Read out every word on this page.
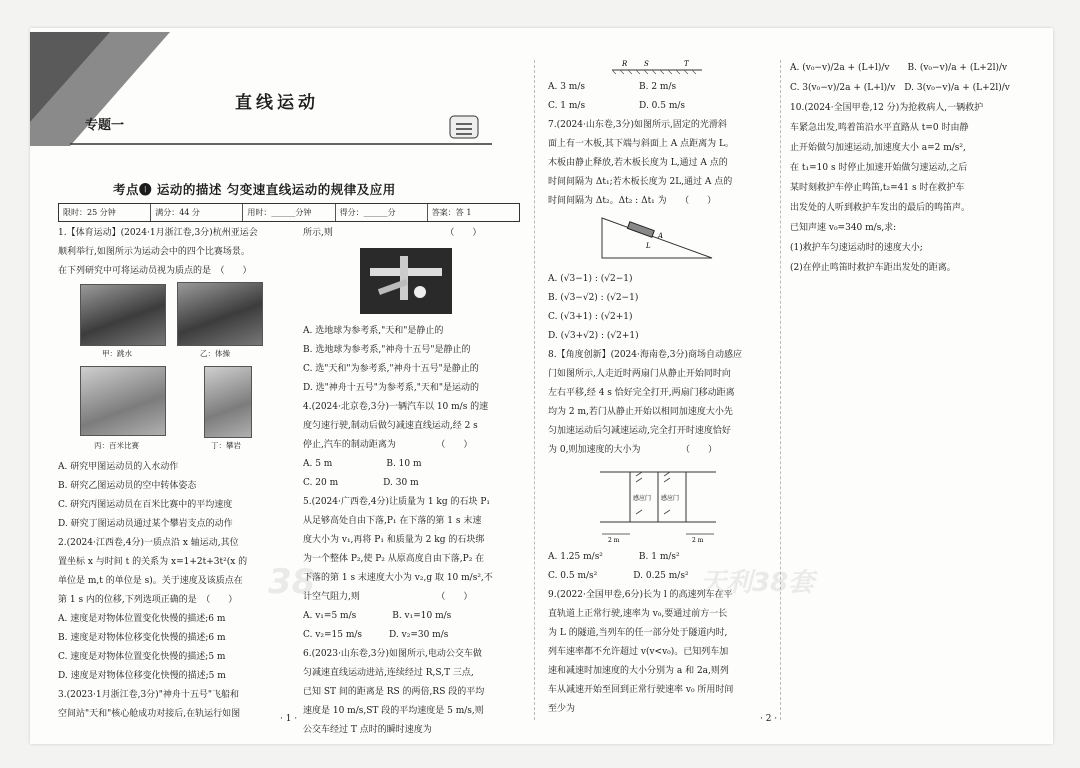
专题一
直线运动
考点❶ 运动的描述 匀变速直线运动的规律及应用
限时：25 分钟	满分：44 分	用时：______分钟	得分：______分	答案：答 1
1.【体育运动】(2024·1月浙江卷,3分)杭州亚运会
顺利举行,如图所示为运动会中的四个比赛场景。
在下列研究中可将运动员视为质点的是　（　　）
甲：跳水	乙：体操
丙：百米比赛	丁：攀岩
A. 研究甲图运动员的入水动作
B. 研究乙图运动员的空中转体姿态
C. 研究丙图运动员在百米比赛中的平均速度
D. 研究丁图运动员通过某个攀岩支点的动作
2.(2024·江西卷,4分)一质点沿 x 轴运动,其位
置坐标 x 与时间 t 的关系为 x=1+2t+3t²(x 的
单位是 m,t 的单位是 s)。关于速度及该质点在
第 1 s 内的位移,下列选项正确的是　（　　）
A. 速度是对物体位置变化快慢的描述;6 m
B. 速度是对物体位移变化快慢的描述;6 m
C. 速度是对物体位置变化快慢的描述;5 m
D. 速度是对物体位移变化快慢的描述;5 m
3.(2023·1月浙江卷,3分)"神舟十五号"飞船和
空间站"天和"核心舱成功对接后,在轨运行如图
所示,则　　　　　　　　　　　　　（　　）
A. 选地球为参考系,"天和"是静止的
B. 选地球为参考系,"神舟十五号"是静止的
C. 选"天和"为参考系,"神舟十五号"是静止的
D. 选"神舟十五号"为参考系,"天和"是运动的
4.(2024·北京卷,3分)一辆汽车以 10 m/s 的速
度匀速行驶,制动后做匀减速直线运动,经 2 s
停止,汽车的制动距离为　　　　　（　　）
A. 5 m　　　　　　B. 10 m
C. 20 m　　　　　D. 30 m
5.(2024·广西卷,4分)让质量为 1 kg 的石块 P₁
从足够高处自由下落,P₁ 在下落的第 1 s 末速
度大小为 v₁,再将 P₁ 和质量为 2 kg 的石块绑
为一个整体 P₂,使 P₂ 从原高度自由下落,P₂ 在
下落的第 1 s 末速度大小为 v₂,g 取 10 m/s²,不
计空气阻力,则　　　　　　　　　（　　）
A. v₁=5 m/s　　　　B. v₁=10 m/s
C. v₂=15 m/s　　　D. v₂=30 m/s
6.(2023·山东卷,3分)如图所示,电动公交车做
匀减速直线运动进站,连续经过 R,S,T 三点,
已知 ST 间的距离是 RS 的两倍,RS 段的平均
速度是 10 m/s,ST 段的平均速度是 5 m/s,则
公交车经过 T 点时的瞬时速度为
· 1 ·
R S	T
A. 3 m/s　　　　　　B. 2 m/s
C. 1 m/s　　　　　　D. 0.5 m/s
7.(2024·山东卷,3分)如图所示,固定的光滑斜
面上有一木板,其下端与斜面上 A 点距离为 L。
木板由静止释放,若木板长度为 L,通过 A 点的
时间间隔为 Δt₁;若木板长度为 2L,通过 A 点的
时间间隔为 Δt₂。Δt₂ : Δt₁ 为　　（　　）
A
L
A. (√3−1) : (√2−1)
B. (√3−√2) : (√2−1)
C. (√3+1) : (√2+1)
D. (√3+√2) : (√2+1)
8.【角度创新】(2024·海南卷,3分)商场自动感应
门如图所示,人走近时两扇门从静止开始同时向
左右平移,经 4 s 恰好完全打开,两扇门移动距离
均为 2 m,若门从静止开始以相同加速度大小先
匀加速运动后匀减速运动,完全打开时速度恰好
为 0,则加速度的大小为　　　　　（　　）
感应门 感应门
2 m	2 m
A. 1.25 m/s²　　　　B. 1 m/s²
C. 0.5 m/s²　　　　D. 0.25 m/s²
9.(2022·全国甲卷,6分)长为 l 的高速列车在平
直轨道上正常行驶,速率为 v₀,要通过前方一长
为 L 的隧道,当列车的任一部分处于隧道内时,
列车速率都不允许超过 v(v<v₀)。已知列车加
速和减速时加速度的大小分别为 a 和 2a,则列
车从减速开始至回到正常行驶速率 v₀ 所用时间
至少为
A. (v₀−v)/2a + (L+l)/v　　B. (v₀−v)/a + (L+2l)/v
C. 3(v₀−v)/2a + (L+l)/v　D. 3(v₀−v)/a + (L+2l)/v
10.(2024·全国甲卷,12 分)为抢救病人,一辆救护
车紧急出发,鸣着笛沿水平直路从 t=0 时由静
止开始做匀加速运动,加速度大小 a=2 m/s²,
在 t₁=10 s 时停止加速开始做匀速运动,之后
某时刻救护车停止鸣笛,t₂=41 s 时在救护车
出发处的人听到救护车发出的最后的鸣笛声。
已知声速 v₀=340 m/s,求:
(1)救护车匀速运动时的速度大小;
(2)在停止鸣笛时救护车距出发处的距离。
· 2 ·
38	天利38套
